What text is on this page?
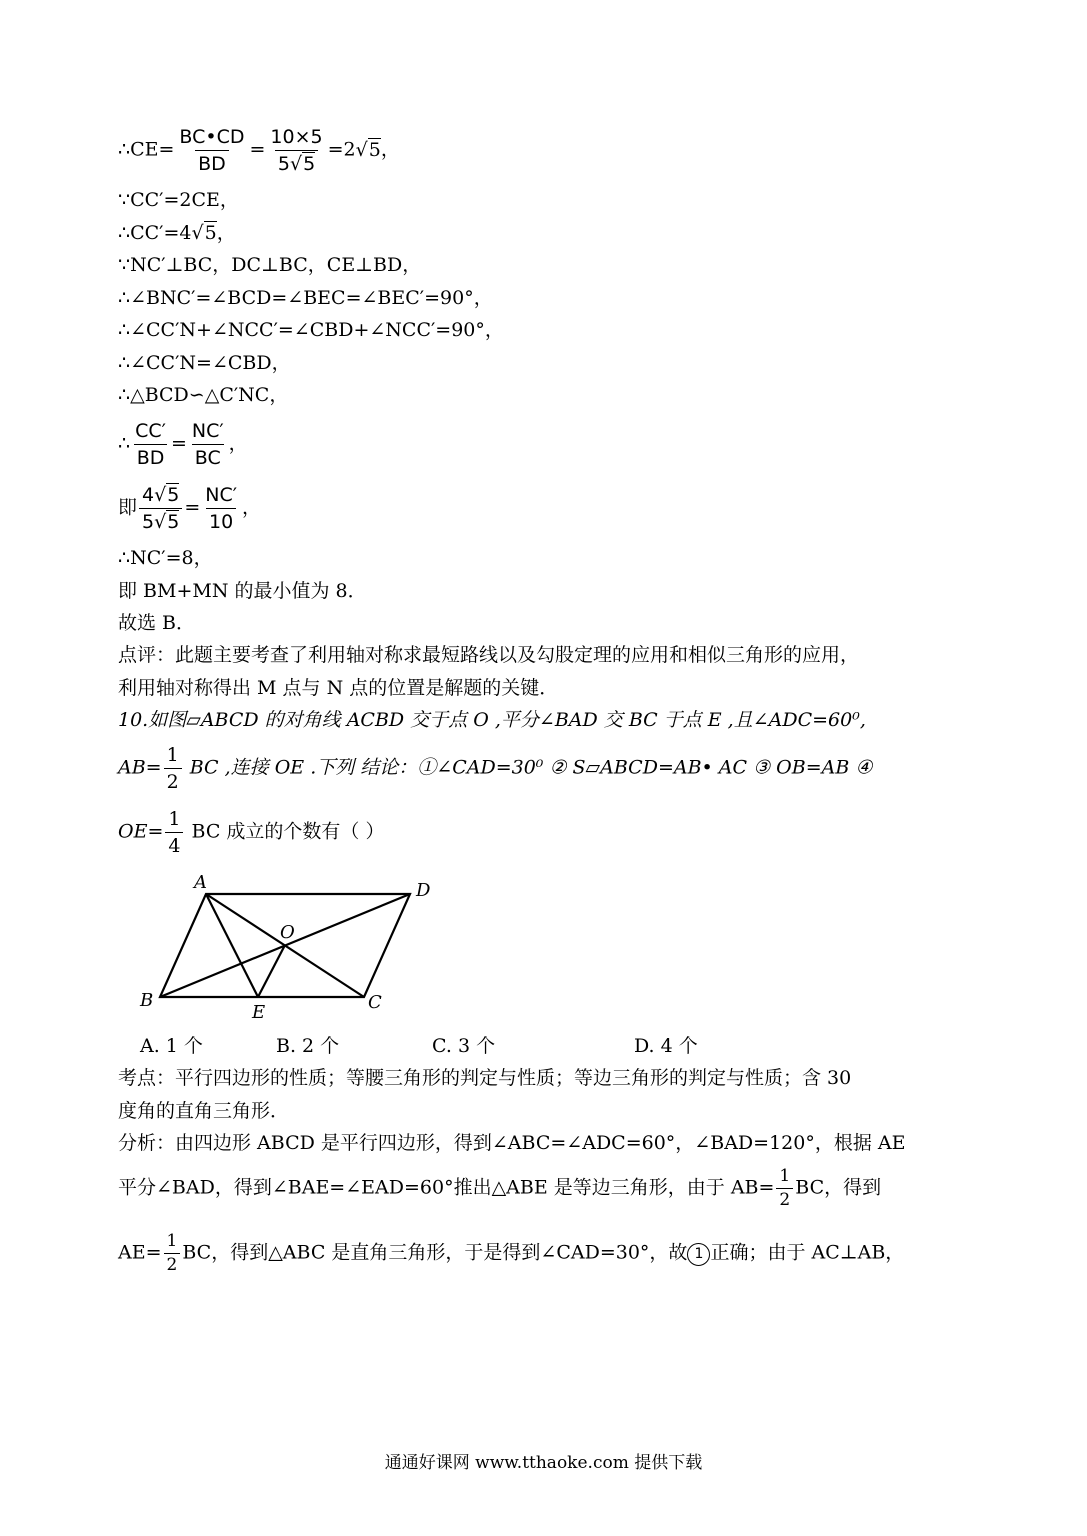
∴CE= $\frac{BC•CD}{BD} = \frac{10\times 5}{5√5} =2√5$，
∵CC′=2CE，
∴CC′=4√5，
∵NC′⊥BC，DC⊥BC，CE⊥BD，
∴∠BNC′=∠BCD=∠BEC=∠BEC′=90°，
∴∠CC′N+∠NCC′=∠CBD+∠NCC′=90°，
∴∠CC′N=∠CBD，
∴△BCD∽△C′NC，
∴ $\frac{CC'}{BD} = \frac{NC'}{BC}$ ，
即 $\frac{4√5}{5√5} = \frac{NC'}{10}$ ，
∴NC′=8，
即 BM+MN 的最小值为 8．
故选 B．
点评：此题主要考查了利用轴对称求最短路线以及勾股定理的应用和相似三角形的应用，
利用轴对称得出 M 点与 N 点的位置是解题的关键．
10.如图▱ABCD 的对角线 ACBD 交于点 O ,平分∠BAD 交 BC 于点 E ,且∠ADC=60⁰,
$AB= \frac{1}{2}$ BC ,连接 OE .下列 结论：①∠CAD=30⁰ ② S▱ABCD=AB• AC ③ OB=AB ④
$OE= \frac{1}{4}$ BC 成立的个数有（ ）
A	D
O
B	C
E
A. 1 个	B. 2 个	C. 3 个	D. 4 个
考点：平行四边形的性质；等腰三角形的判定与性质；等边三角形的判定与性质；含 30
度角的直角三角形．
分析：由四边形 ABCD 是平行四边形，得到∠ABC=∠ADC=60°，∠BAD=120°，根据 AE
平分∠BAD，得到∠BAE=∠EAD=60°推出△ABE 是等边三角形，由于 $AB= \frac{1}{2}$ BC，得到
$AE= \frac{1}{2}$ BC，得到△ABC 是直角三角形，于是得到∠CAD=30°，故 1 正确；由于 AC⊥AB，
通通好课网 www.tthaoke.com 提供下载
